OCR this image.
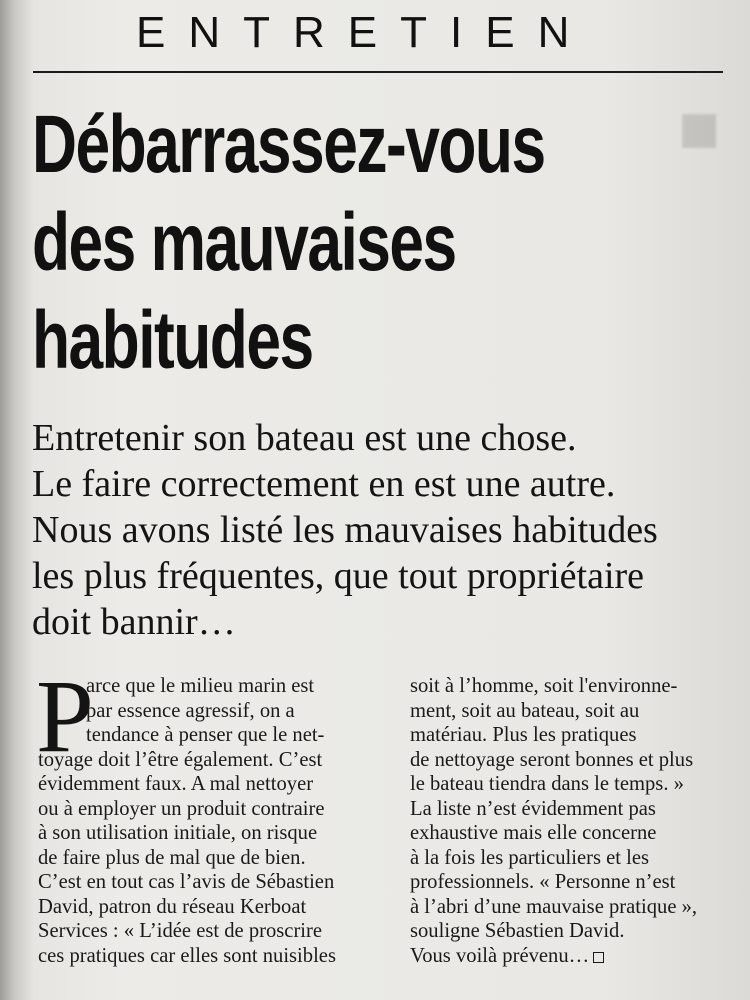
■
ENTRETIEN
Débarrassez-vous
des mauvaises
habitudes

Entretenir son bateau est une chose.
Le faire correctement en est une autre.
Nous avons listé les mauvaises habitudes
les plus fréquentes, que tout propriétaire
doit bannir…

P

arce que le milieu marin est
par essence agressif, on a
tendance à penser que le net-
toyage doit l’être également. C’est
évidemment faux. A mal nettoyer
ou à employer un produit contraire
à son utilisation initiale, on risque
de faire plus de mal que de bien.
C’est en tout cas l’avis de Sébastien
David, patron du réseau Kerboat
Services : « L’idée est de proscrire
ces pratiques car elles sont nuisibles

soit à l’homme, soit l'environne-
ment, soit au bateau, soit au
matériau. Plus les pratiques
de nettoyage seront bonnes et plus
le bateau tiendra dans le temps. »
La liste n’est évidemment pas
exhaustive mais elle concerne
à la fois les particuliers et les
professionnels. « Personne n’est
à l’abri d’une mauvaise pratique »,
souligne Sébastien David.
Vous voilà prévenu…
